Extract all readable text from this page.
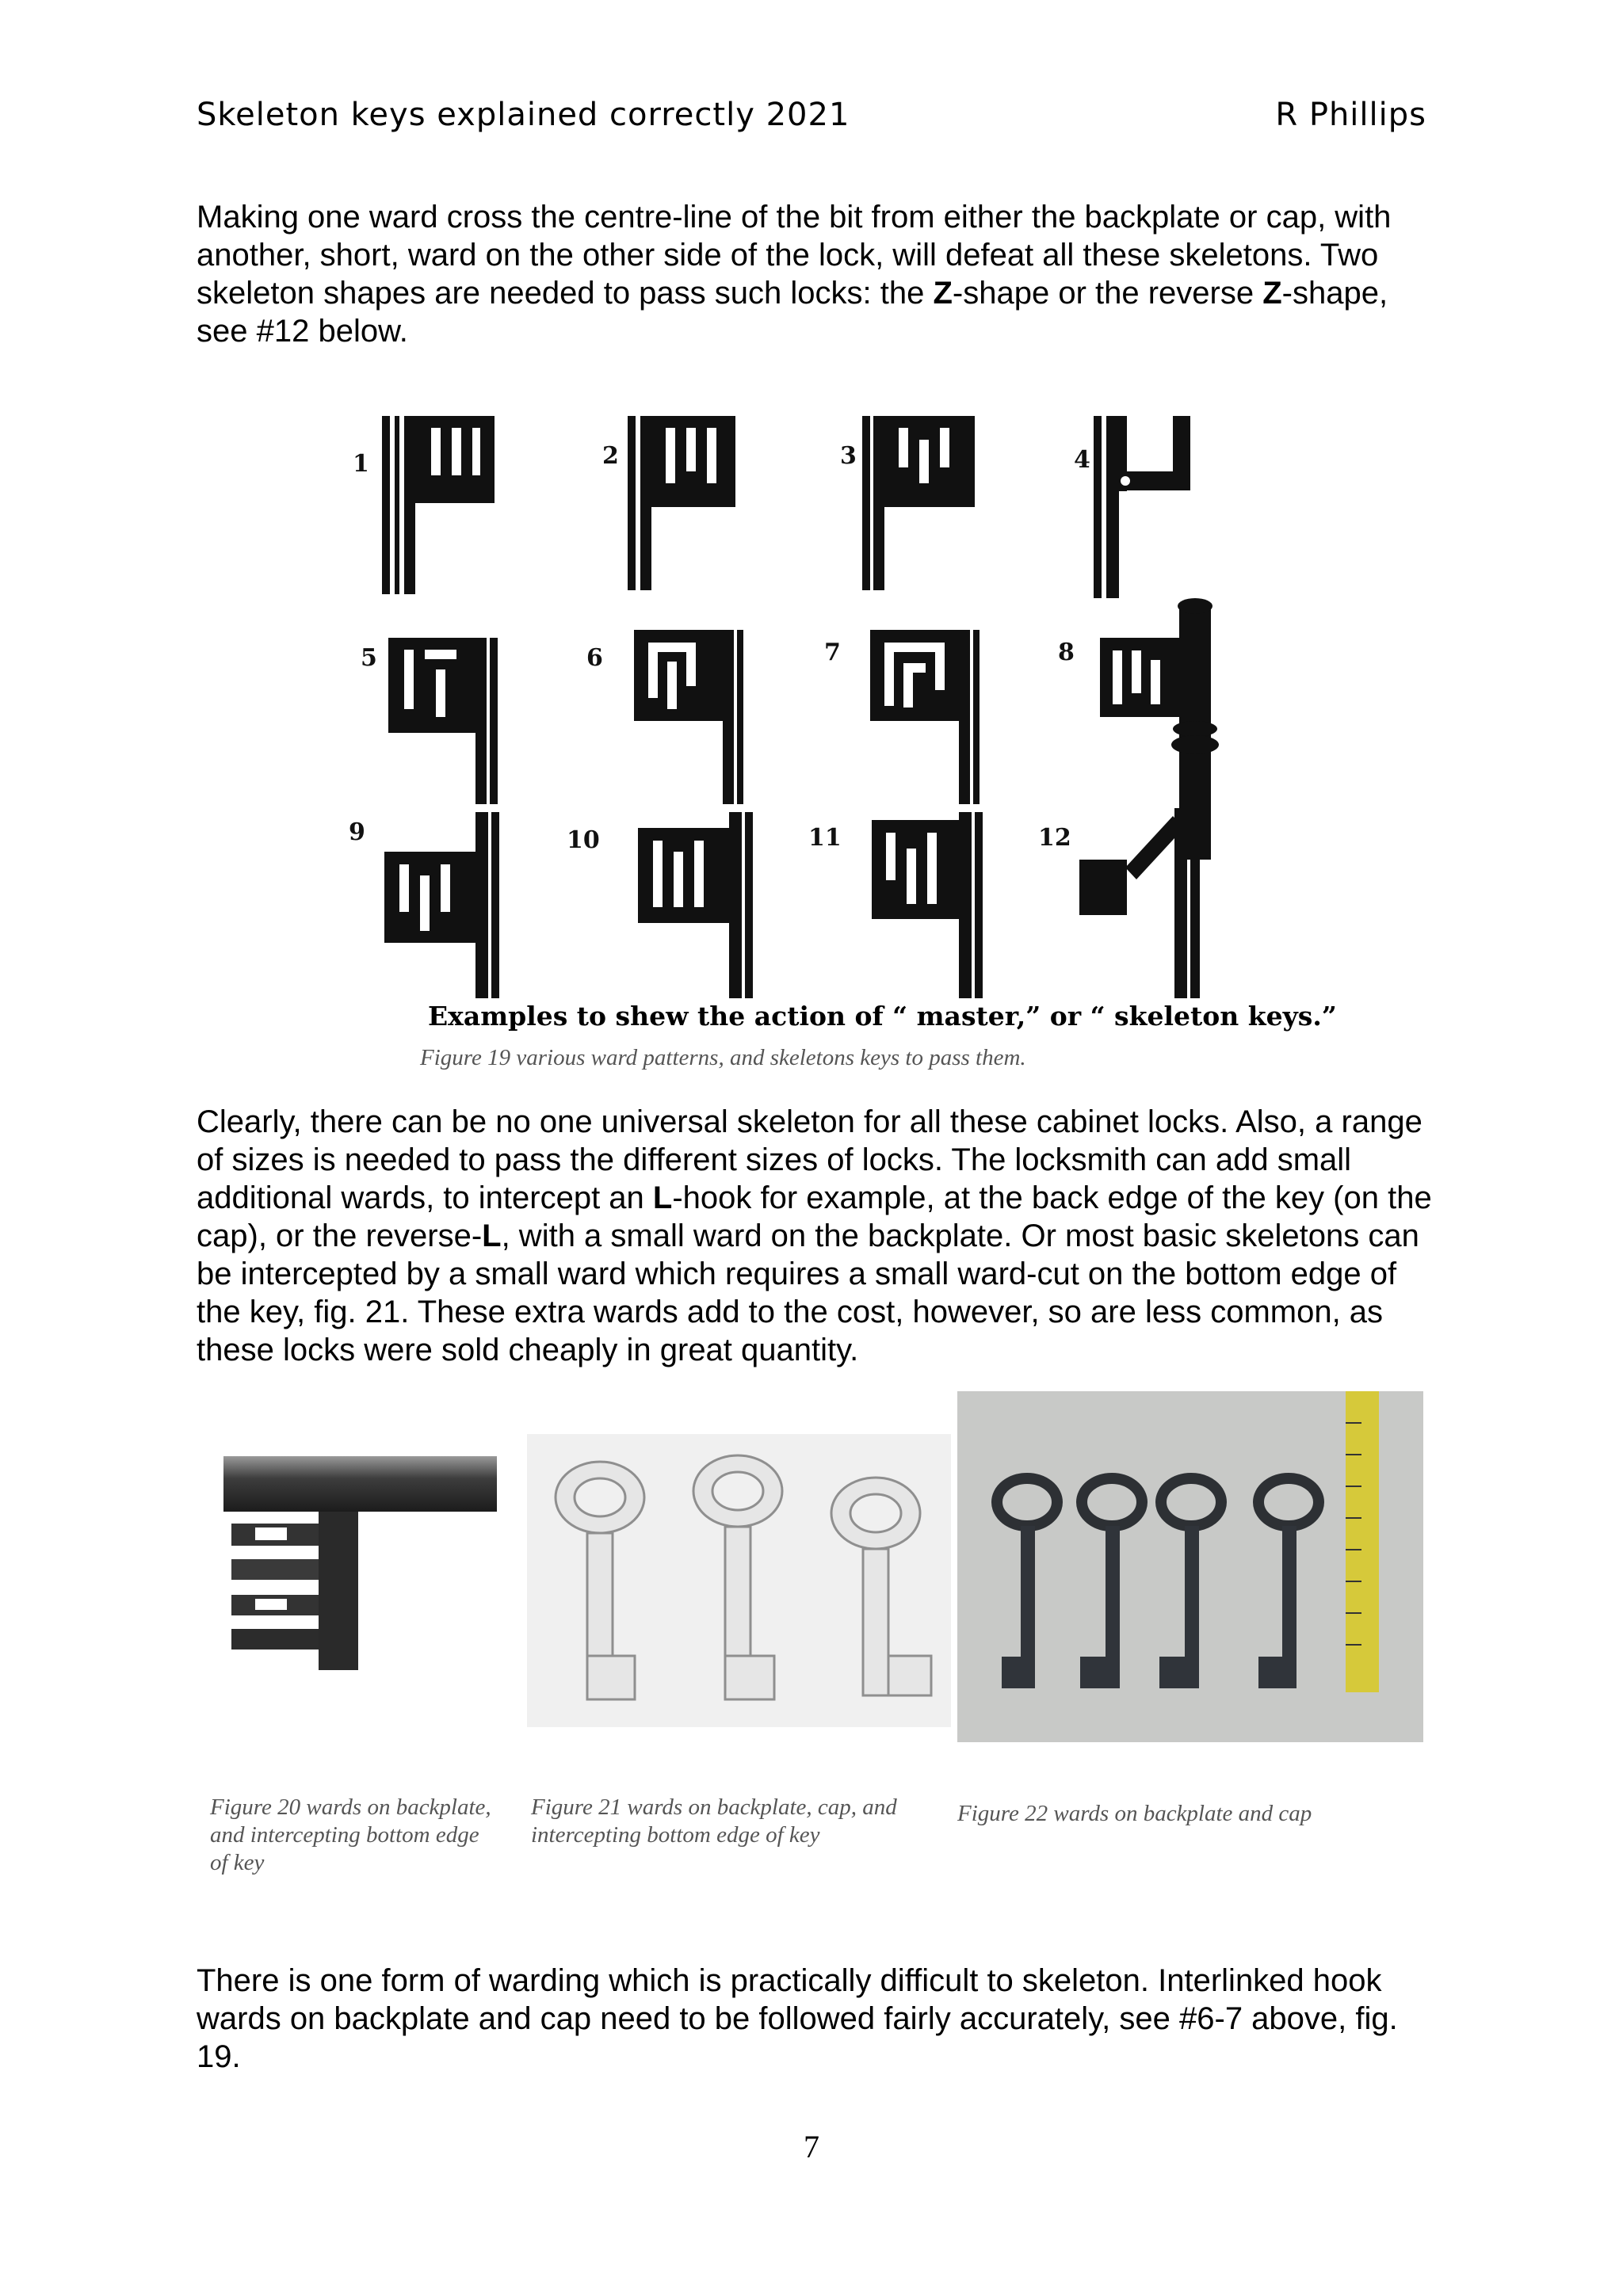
Skeleton keys explained correctly 2021	R Phillips

Making one ward cross the centre-line of the bit from either the backplate or cap, with another, short, ward on the other side of the lock, will defeat all these skeletons. Two skeleton shapes are needed to pass such locks: the Z-shape or the reverse Z-shape, see #12 below.

1	2	3	4
5	6	7	8
9	10	11	12
Examples to shew the action of “ master,” or “ skeleton keys.”
Figure 19 various ward patterns, and skeletons keys to pass them.

Clearly, there can be no one universal skeleton for all these cabinet locks. Also, a range of sizes is needed to pass the different sizes of locks. The locksmith can add small additional wards, to intercept an L-hook for example, at the back edge of the key (on the cap), or the reverse-L, with a small ward on the backplate. Or most basic skeletons can be intercepted by a small ward which requires a small ward-cut on the bottom edge of the key, fig. 21. These extra wards add to the cost, however, so are less common, as these locks were sold cheaply in great quantity.

Figure 20 wards on backplate, and intercepting bottom edge of key

Figure 21 wards on backplate, cap, and intercepting bottom edge of key

Figure 22 wards on backplate and cap

There is one form of warding which is practically difficult to skeleton. Interlinked hook wards on backplate and cap need to be followed fairly accurately, see #6-7 above, fig. 19.

7
